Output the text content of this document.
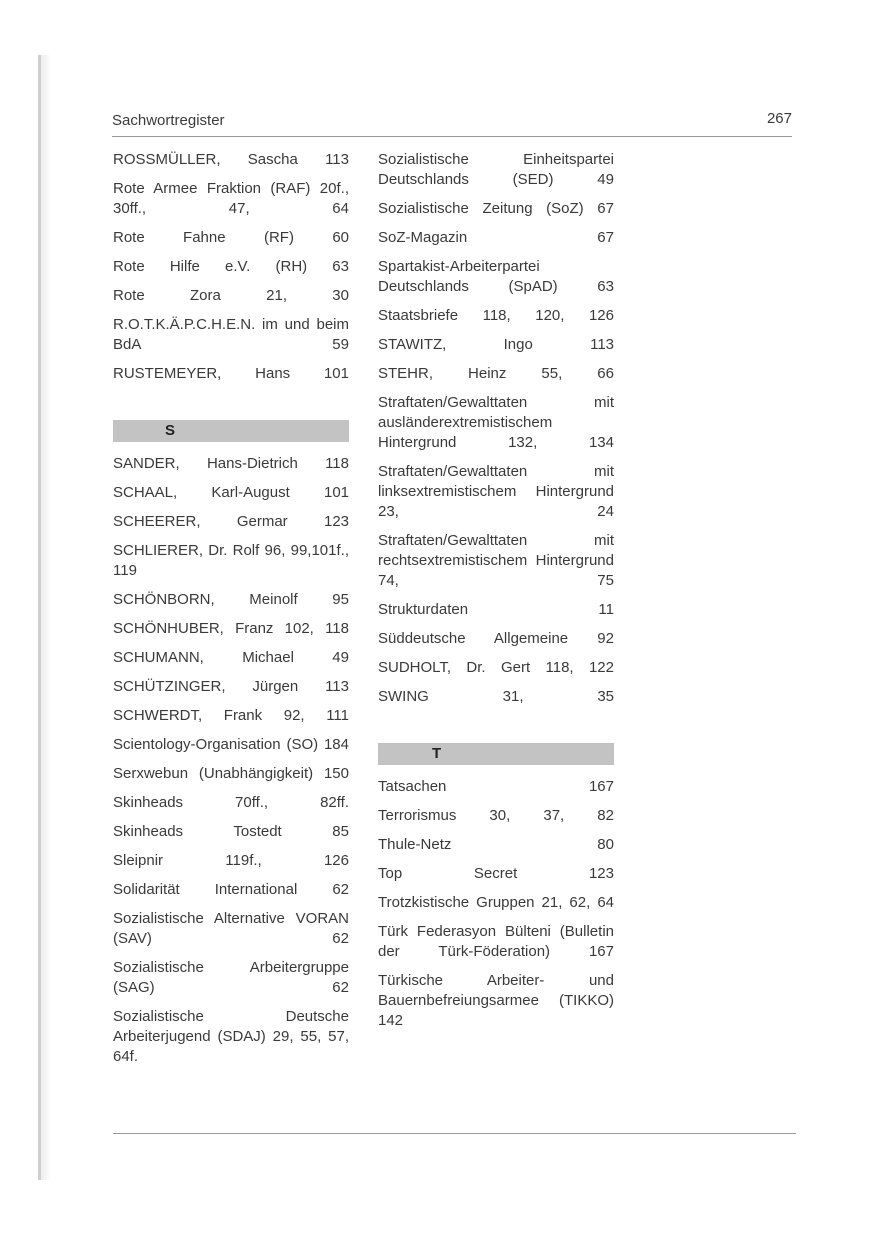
Sachwortregister	267
ROSSMÜLLER, Sascha 113
Rote Armee Fraktion (RAF) 20f., 30ff., 47, 64
Rote Fahne (RF) 60
Rote Hilfe e.V. (RH) 63
Rote Zora 21, 30
R.O.T.K.Ä.P.C.H.E.N. im und beim BdA 59
RUSTEMEYER, Hans 101
S
SANDER, Hans-Dietrich 118
SCHAAL, Karl-August 101
SCHEERER, Germar 123
SCHLIERER, Dr. Rolf 96, 99,101f., 119
SCHÖNBORN, Meinolf 95
SCHÖNHUBER, Franz 102, 118
SCHUMANN, Michael 49
SCHÜTZINGER, Jürgen 113
SCHWERDT, Frank 92, 111
Scientology-Organisation (SO) 184
Serxwebun (Unabhängigkeit) 150
Skinheads 70ff., 82ff.
Skinheads Tostedt 85
Sleipnir 119f., 126
Solidarität International 62
Sozialistische Alternative VORAN (SAV) 62
Sozialistische Arbeitergruppe (SAG) 62
Sozialistische Deutsche Arbeiterjugend (SDAJ) 29, 55, 57, 64f.
Sozialistische Einheitspartei Deutschlands (SED) 49
Sozialistische Zeitung (SoZ) 67
SoZ-Magazin 67
Spartakist-Arbeiterpartei Deutschlands (SpAD) 63
Staatsbriefe 118, 120, 126
STAWITZ, Ingo 113
STEHR, Heinz 55, 66
Straftaten/Gewalttaten mit ausländerextremistischem Hintergrund 132, 134
Straftaten/Gewalttaten mit linksextremistischem Hintergrund 23, 24
Straftaten/Gewalttaten mit rechtsextremistischem Hintergrund 74, 75
Strukturdaten 11
Süddeutsche Allgemeine 92
SUDHOLT, Dr. Gert 118, 122
SWING 31, 35
T
Tatsachen 167
Terrorismus 30, 37, 82
Thule-Netz 80
Top Secret 123
Trotzkistische Gruppen 21, 62, 64
Türk Federasyon Bülteni (Bulletin der Türk-Föderation) 167
Türkische Arbeiter- und Bauernbefreiungsarmee (TIKKO) 142
